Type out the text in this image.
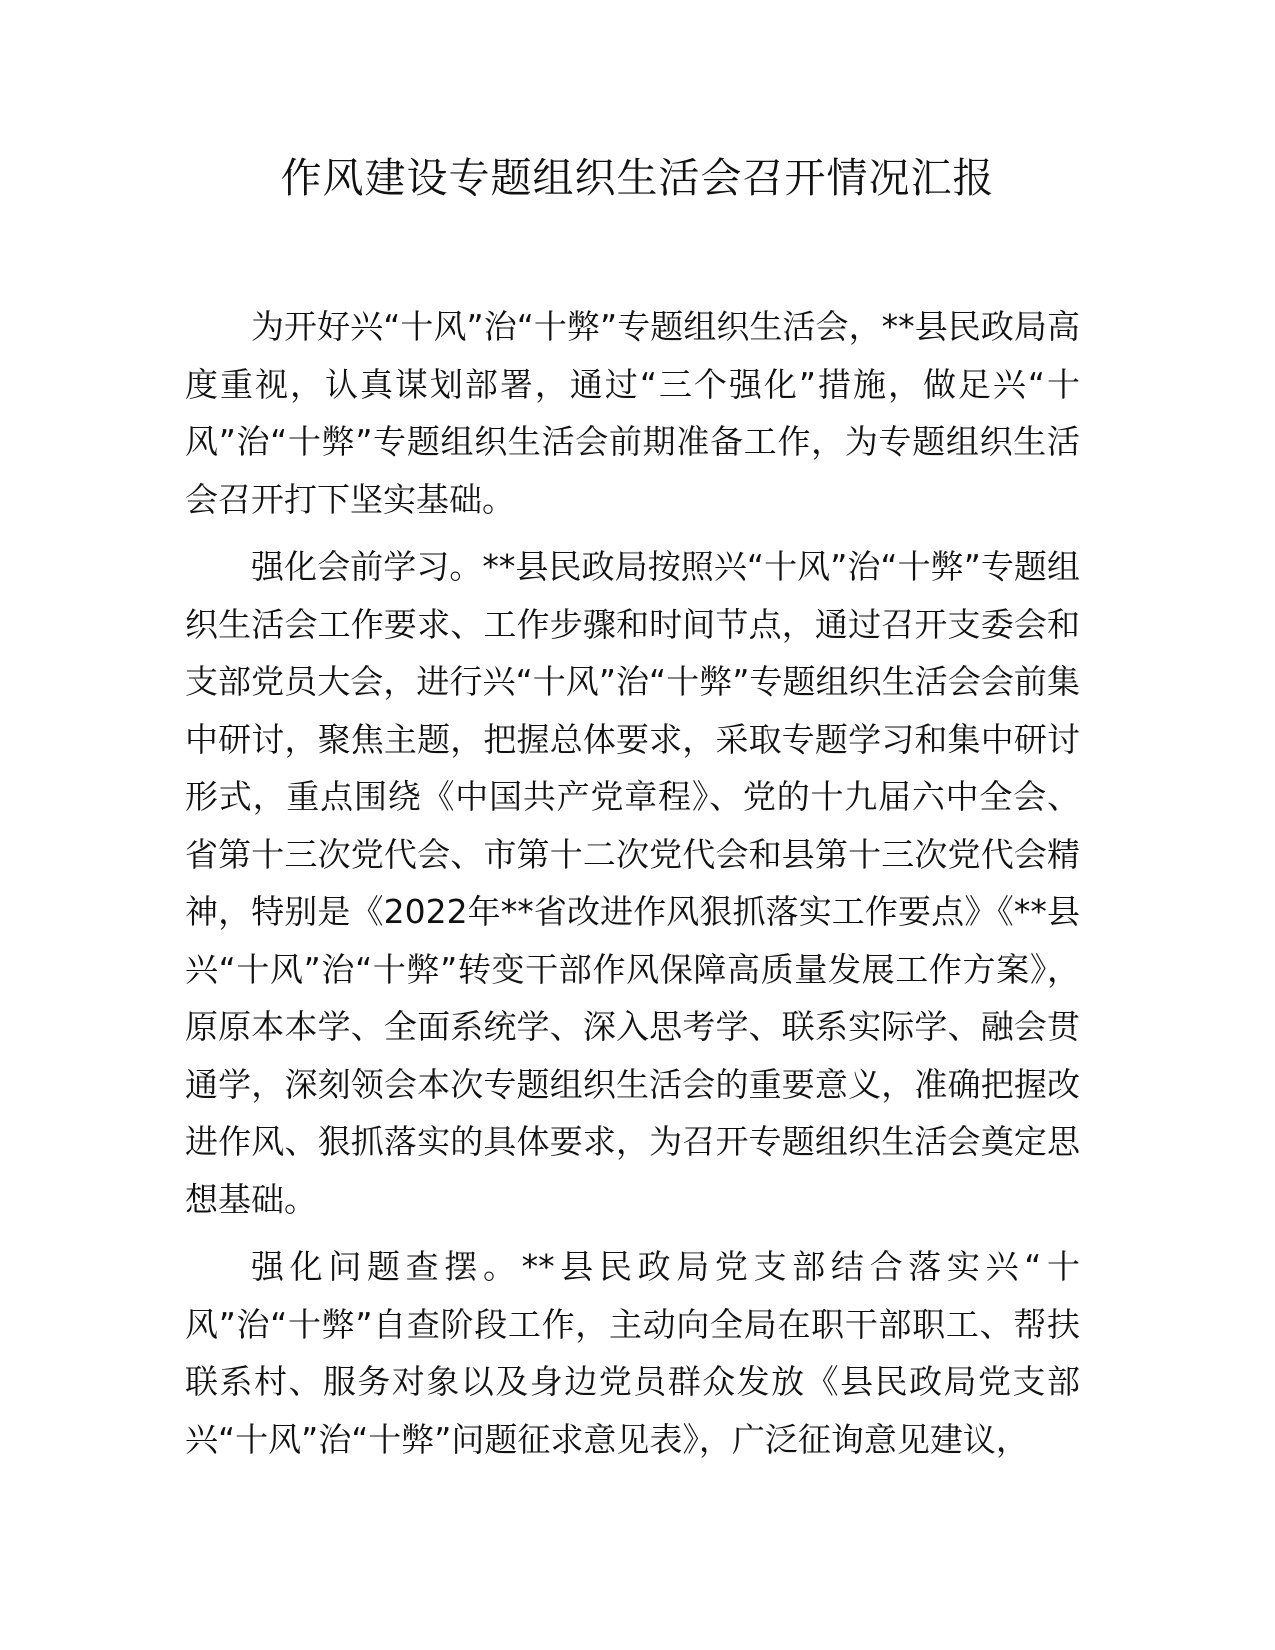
作风建设专题组织生活会召开情况汇报

为开好兴“十风”治“十弊”专题组织生活会，**县民政局高度重视，认真谋划部署，通过“三个强化”措施，做足兴“十风”治“十弊”专题组织生活会前期准备工作，为专题组织生活会召开打下坚实基础。

强化会前学习。**县民政局按照兴“十风”治“十弊”专题组织生活会工作要求、工作步骤和时间节点，通过召开支委会和支部党员大会，进行兴“十风”治“十弊”专题组织生活会会前集中研讨，聚焦主题，把握总体要求，采取专题学习和集中研讨形式，重点围绕《中国共产党章程》、党的十九届六中全会、省第十三次党代会、市第十二次党代会和县第十三次党代会精神，特别是《2022年**省改进作风狠抓落实工作要点》《**县兴“十风”治“十弊”转变干部作风保障高质量发展工作方案》，原原本本学、全面系统学、深入思考学、联系实际学、融会贯通学，深刻领会本次专题组织生活会的重要意义，准确把握改进作风、狠抓落实的具体要求，为召开专题组织生活会奠定思想基础。

强化问题查摆。**县民政局党支部结合落实兴“十风”治“十弊”自查阶段工作，主动向全局在职干部职工、帮扶联系村、服务对象以及身边党员群众发放《县民政局党支部兴“十风”治“十弊”问题征求意见表》，广泛征询意见建议，
